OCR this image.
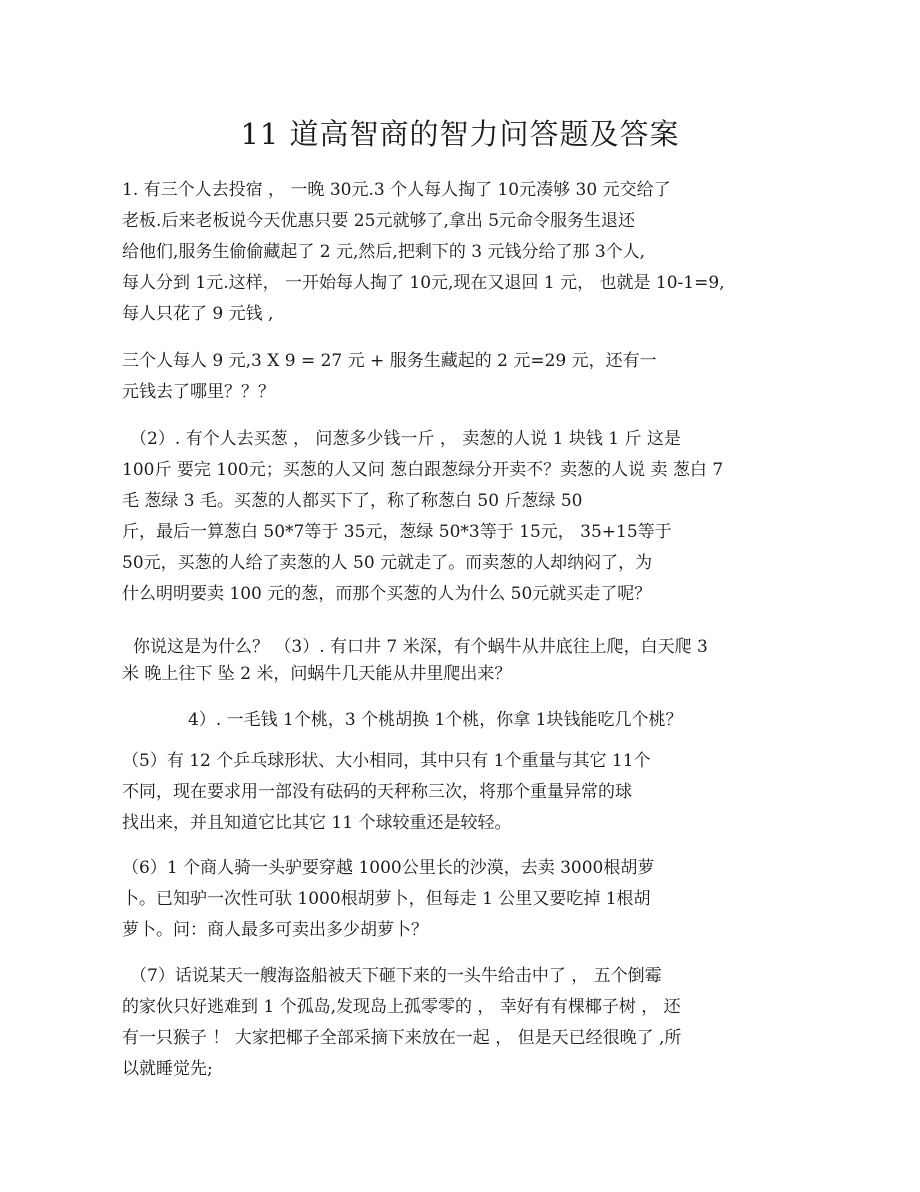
11 道高智商的智力问答题及答案
1. 有三个人去投宿 ， 一晚 30元.3 个人每人掏了 10元凑够 30 元交给了
老板.后来老板说今天优惠只要 25元就够了,拿出 5元命令服务生退还
给他们,服务生偷偷藏起了 2 元,然后,把剩下的 3 元钱分给了那 3个人,
每人分到 1元.这样， 一开始每人掏了 10元,现在又退回 1 元， 也就是 10-1=9,
每人只花了 9 元钱 ,
三个人每人 9 元,3 X 9 = 27 元 + 服务生藏起的 2 元=29 元，还有一
元钱去了哪里？？？
（2）. 有个人去买葱 ， 问葱多少钱一斤 ， 卖葱的人说 1 块钱 1 斤 这是
100斤 要完 100元；买葱的人又问 葱白跟葱绿分开卖不？卖葱的人说 卖 葱白 7
毛 葱绿 3 毛。买葱的人都买下了，称了称葱白 50 斤葱绿 50
斤，最后一算葱白 50*7等于 35元，葱绿 50*3等于 15元， 35+15等于
50元，买葱的人给了卖葱的人 50 元就走了。而卖葱的人却纳闷了，为
什么明明要卖 100 元的葱，而那个买葱的人为什么 50元就买走了呢？
你说这是为什么？ （3）. 有口井 7 米深，有个蜗牛从井底往上爬，白天爬 3
米 晚上往下 坠 2 米，问蜗牛几天能从井里爬出来？
4）. 一毛钱 1个桃，3 个桃胡换 1个桃，你拿 1块钱能吃几个桃？
（5）有 12 个乒乓球形状、大小相同，其中只有 1个重量与其它 11个
不同，现在要求用一部没有砝码的天秤称三次，将那个重量异常的球
找出来，并且知道它比其它 11 个球较重还是较轻。
（6）1 个商人骑一头驴要穿越 1000公里长的沙漠，去卖 3000根胡萝
卜。已知驴一次性可驮 1000根胡萝卜，但每走 1 公里又要吃掉 1根胡
萝卜。问：商人最多可卖出多少胡萝卜？
（7）话说某天一艘海盗船被天下砸下来的一头牛给击中了 ， 五个倒霉
的家伙只好逃难到 1 个孤岛,发现岛上孤零零的 ， 幸好有有棵椰子树 ， 还
有一只猴子 ！ 大家把椰子全部采摘下来放在一起 ， 但是天已经很晚了 ,所
以就睡觉先;
